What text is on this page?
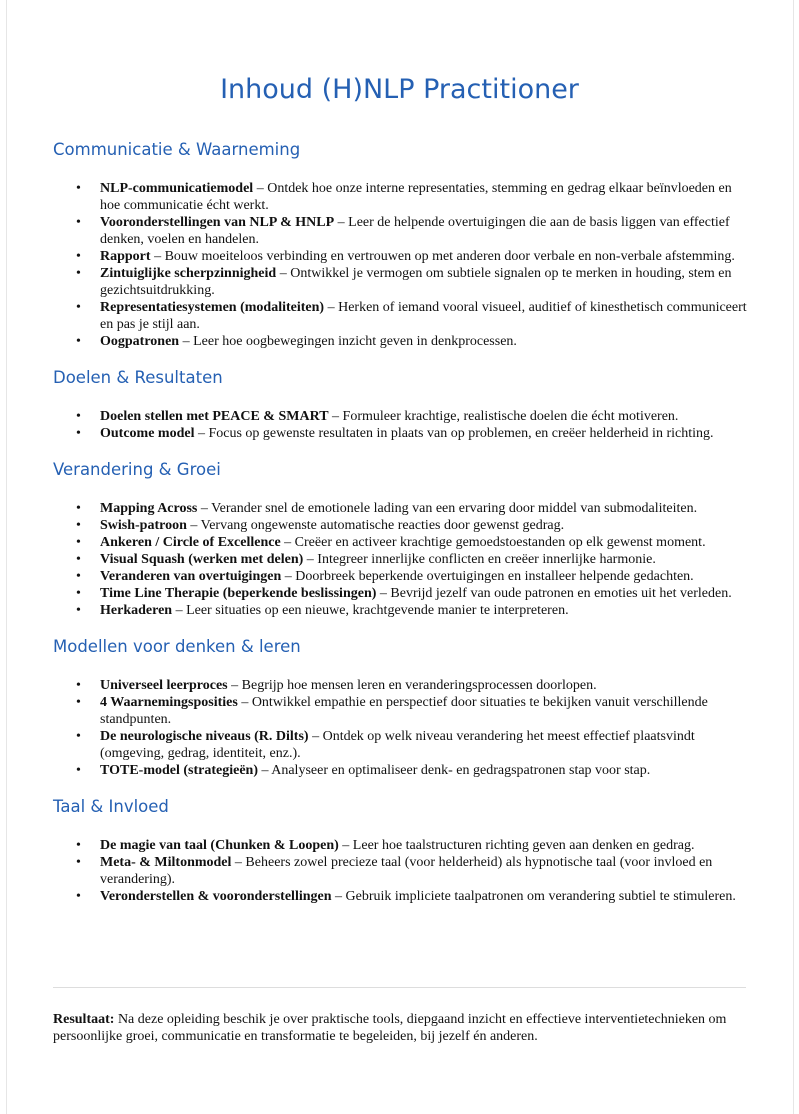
Inhoud (H)NLP Practitioner
Communicatie & Waarneming
• NLP-communicatiemodel – Ontdek hoe onze interne representaties, stemming en gedrag elkaar beïnvloeden en hoe communicatie écht werkt.
• Vooronderstellingen van NLP & HNLP – Leer de helpende overtuigingen die aan de basis liggen van effectief denken, voelen en handelen.
• Rapport – Bouw moeiteloos verbinding en vertrouwen op met anderen door verbale en non-verbale afstemming.
• Zintuiglijke scherpzinnigheid – Ontwikkel je vermogen om subtiele signalen op te merken in houding, stem en gezichtsuitdrukking.
• Representatiesystemen (modaliteiten) – Herken of iemand vooral visueel, auditief of kinesthetisch communiceert en pas je stijl aan.
• Oogpatronen – Leer hoe oogbewegingen inzicht geven in denkprocessen.
Doelen & Resultaten
• Doelen stellen met PEACE & SMART – Formuleer krachtige, realistische doelen die écht motiveren.
• Outcome model – Focus op gewenste resultaten in plaats van op problemen, en creëer helderheid in richting.
Verandering & Groei
• Mapping Across – Verander snel de emotionele lading van een ervaring door middel van submodaliteiten.
• Swish-patroon – Vervang ongewenste automatische reacties door gewenst gedrag.
• Ankeren / Circle of Excellence – Creëer en activeer krachtige gemoedstoestanden op elk gewenst moment.
• Visual Squash (werken met delen) – Integreer innerlijke conflicten en creëer innerlijke harmonie.
• Veranderen van overtuigingen – Doorbreek beperkende overtuigingen en installeer helpende gedachten.
• Time Line Therapie (beperkende beslissingen) – Bevrijd jezelf van oude patronen en emoties uit het verleden.
• Herkaderen – Leer situaties op een nieuwe, krachtgevende manier te interpreteren.
Modellen voor denken & leren
• Universeel leerproces – Begrijp hoe mensen leren en veranderingsprocessen doorlopen.
• 4 Waarnemingsposities – Ontwikkel empathie en perspectief door situaties te bekijken vanuit verschillende standpunten.
• De neurologische niveaus (R. Dilts) – Ontdek op welk niveau verandering het meest effectief plaatsvindt (omgeving, gedrag, identiteit, enz.).
• TOTE-model (strategieën) – Analyseer en optimaliseer denk- en gedragspatronen stap voor stap.
Taal & Invloed
• De magie van taal (Chunken & Loopen) – Leer hoe taalstructuren richting geven aan denken en gedrag.
• Meta- & Miltonmodel – Beheers zowel precieze taal (voor helderheid) als hypnotische taal (voor invloed en verandering).
• Veronderstellen & vooronderstellingen – Gebruik impliciete taalpatronen om verandering subtiel te stimuleren.
Resultaat: Na deze opleiding beschik je over praktische tools, diepgaand inzicht en effectieve interventietechnieken om persoonlijke groei, communicatie en transformatie te begeleiden, bij jezelf én anderen.
